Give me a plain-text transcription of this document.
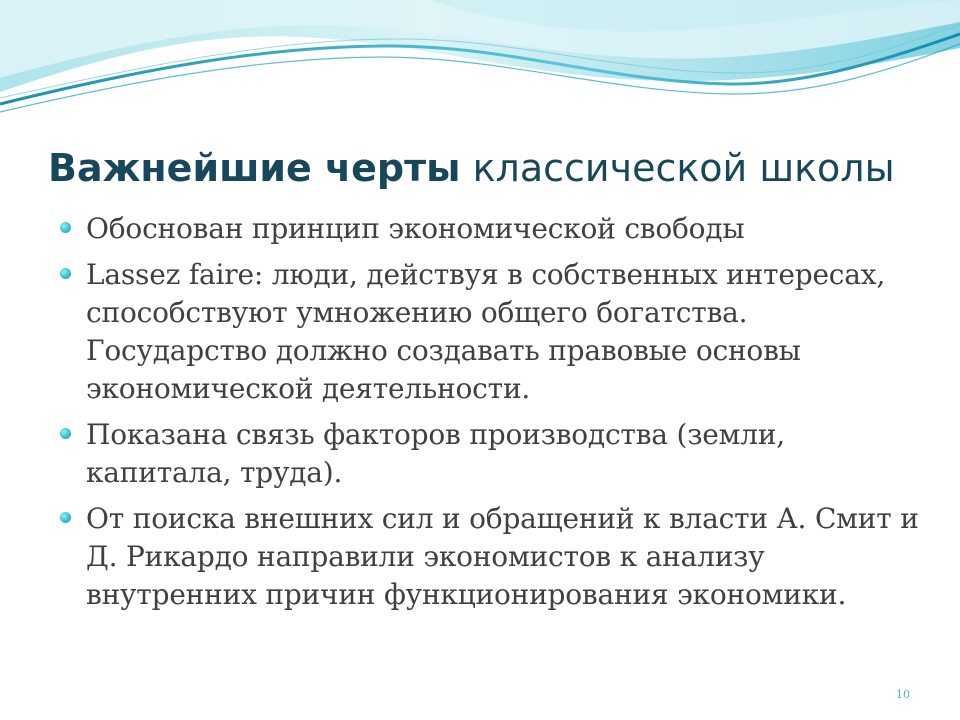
Важнейшие черты классической школы
Обоснован принцип экономической свободы
Lassez faire: люди, действуя в собственных интересах, способствуют умножению общего богатства. Государство должно создавать правовые основы экономической деятельности.
Показана связь факторов производства (земли, капитала, труда).
От поиска внешних сил и обращений к власти А. Смит и Д. Рикардо направили экономистов к анализу внутренних причин функционирования экономики.
10
